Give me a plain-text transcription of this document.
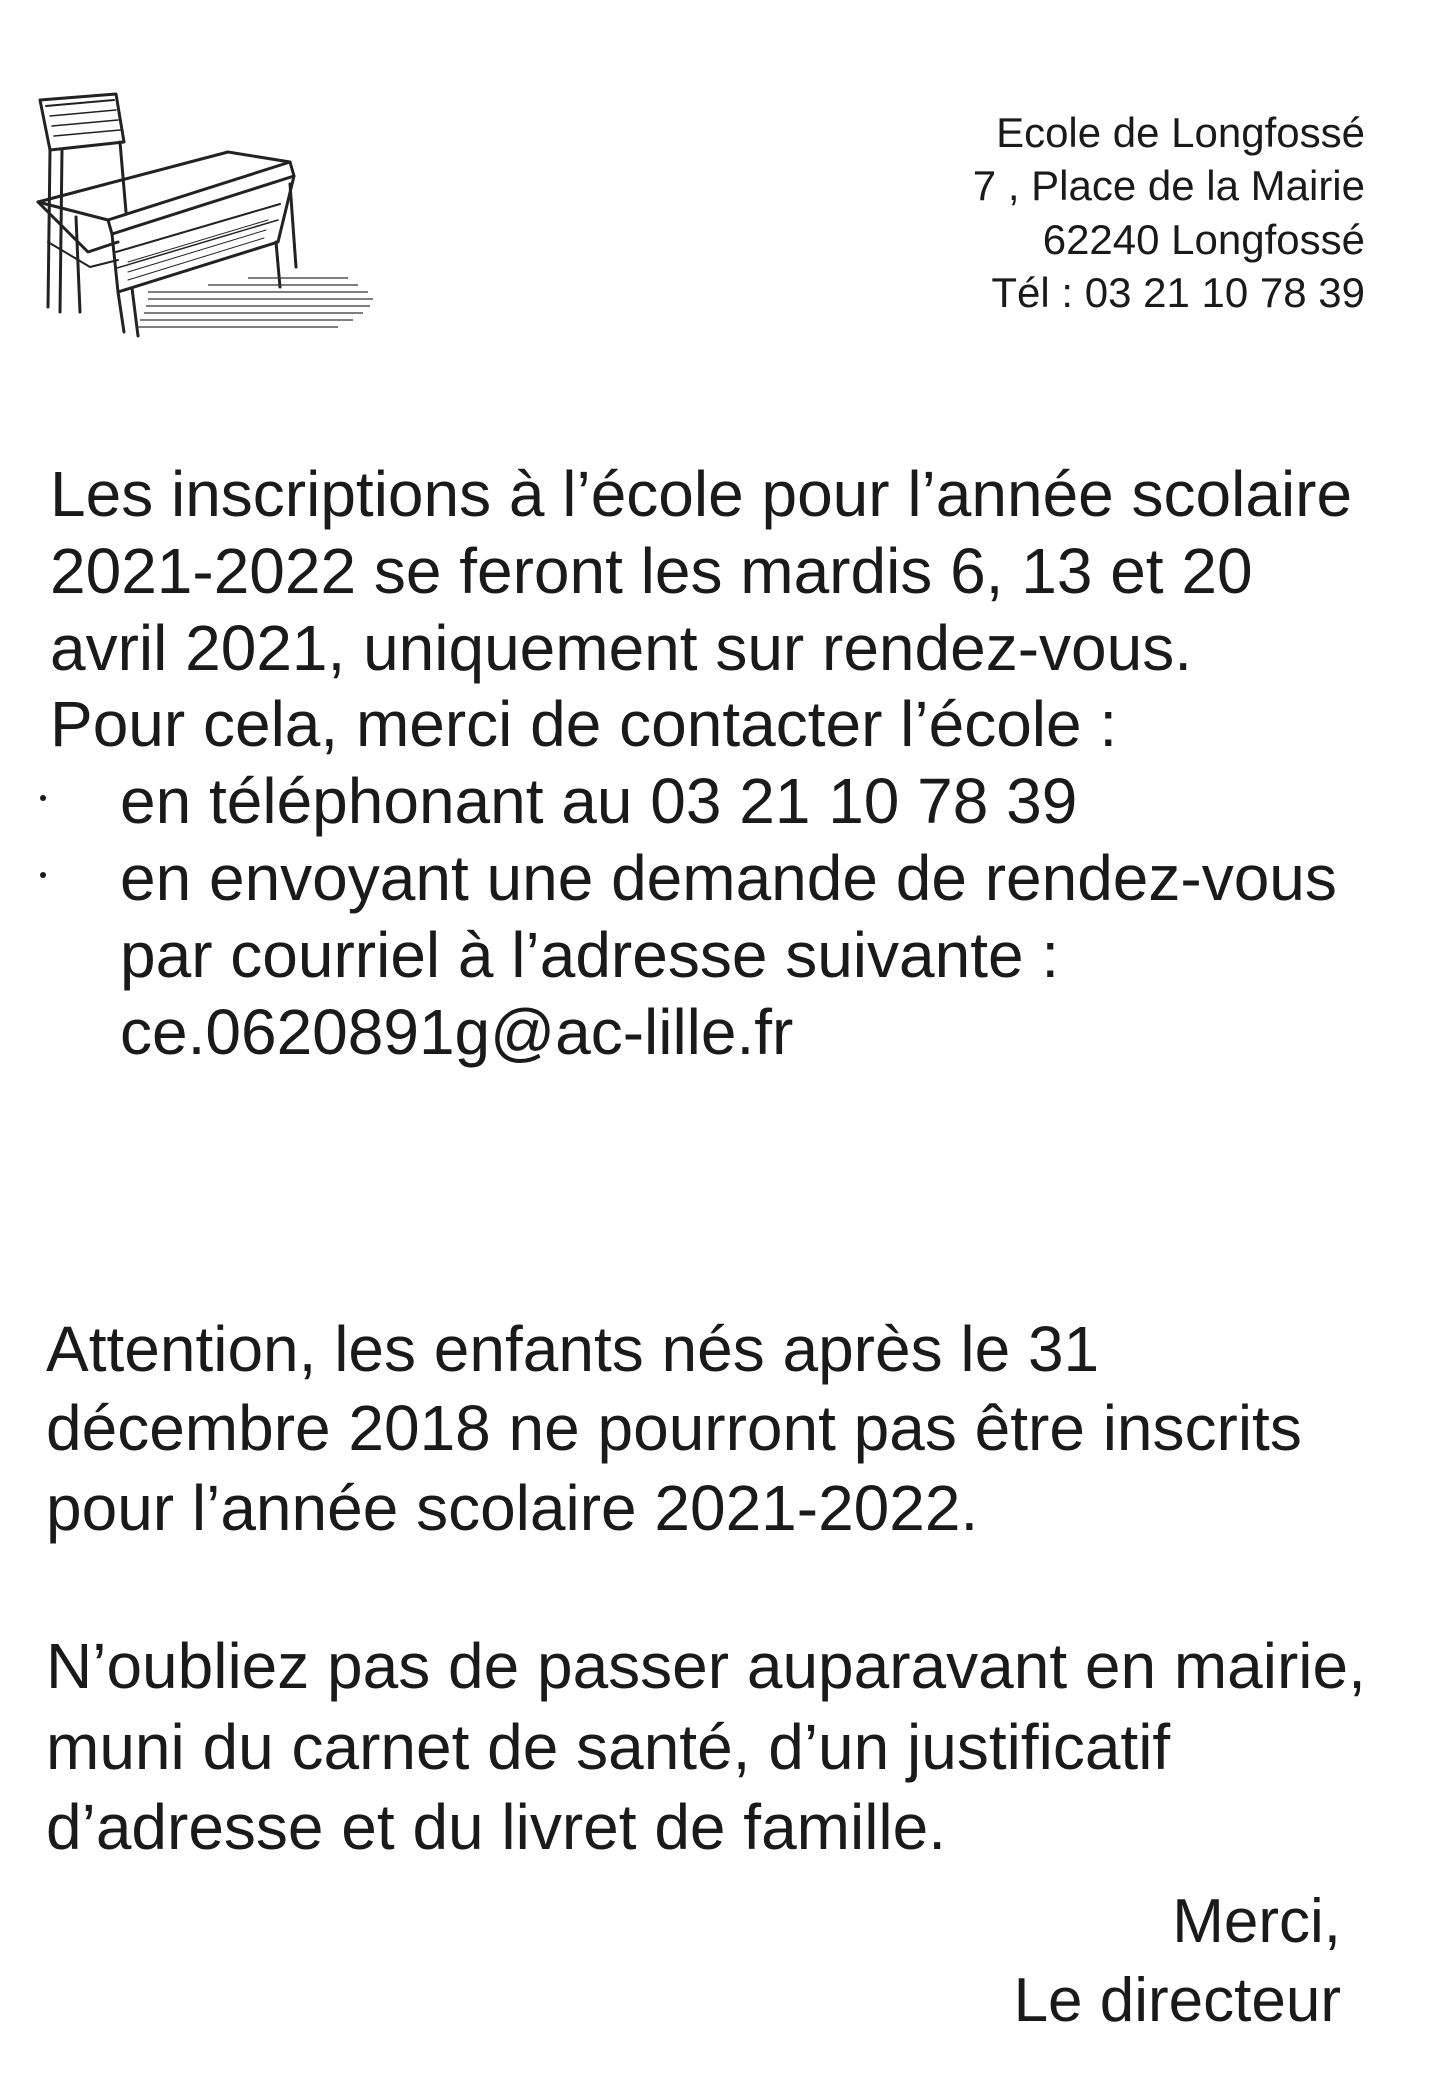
Ecole de Longfossé
7 , Place de la Mairie
62240 Longfossé
Tél : 03 21 10 78 39

Les inscriptions à l’école pour l’année scolaire 2021-2022 se feront les mardis 6, 13 et 20 avril 2021, uniquement sur rendez-vous.

Pour cela, merci de contacter l’école :

en téléphonant au 03 21 10 78 39
en envoyant une demande de rendez-vous par courriel à l’adresse suivante :
ce.0620891g@ac-lille.fr

Attention, les enfants nés après le 31 décembre 2018 ne pourront pas être inscrits pour l’année scolaire 2021-2022.

N’oubliez pas de passer auparavant en mairie, muni du carnet de santé, d’un justificatif d’adresse et du livret de famille.

Merci,
Le directeur
